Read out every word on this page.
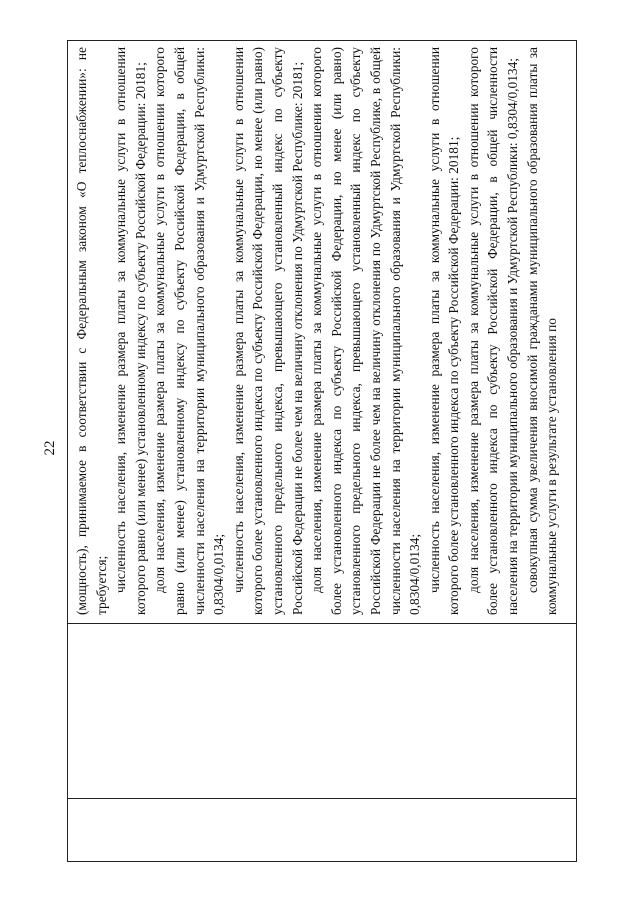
22 (мощность), принимаемое в соответствии с Федеральным законом «О теплоснабжении»: не требуется; численность населения, изменение размера платы за коммунальные услуги в отношении которого равно (или менее) установленному индексу по субъекту Российской Федерации: 20181; доля населения, изменение размера платы за коммунальные услуги в отношении которого равно (или менее) установленному индексу по субъекту Российской Федерации, в общей численности населения на территории муниципального образования и Удмуртской Республики: 0,8304/0,0134; численность населения, изменение размера платы за коммунальные услуги в отношении которого более установленного индекса по субъекту Российской Федерации, но менее (или равно) установленного предельного индекса, превышающего установленный индекс по субъекту Российской Федерации не более чем на величину отклонения по Удмуртской Республике: 20181; доля населения, изменение размера платы за коммунальные услуги в отношении которого более установленного индекса по субъекту Российской Федерации, но менее (или равно) установленного предельного индекса, превышающего установленный индекс по субъекту Российской Федерации не более чем на величину отклонения по Удмуртской Республике, в общей численности населения на территории муниципального образования и Удмуртской Республики: 0,8304/0,0134; численность населения, изменение размера платы за коммунальные услуги в отношении которого более установленного индекса по субъекту Российской Федерации: 20181; доля населения, изменение размера платы за коммунальные услуги в отношении которого более установленного индекса по субъекту Российской Федерации, в общей численности населения на территории муниципального образования и Удмуртской Республики: 0,8304/0,0134; совокупная сумма увеличения вносимой гражданами муниципального образования платы за коммунальные услуги в результате установления по
